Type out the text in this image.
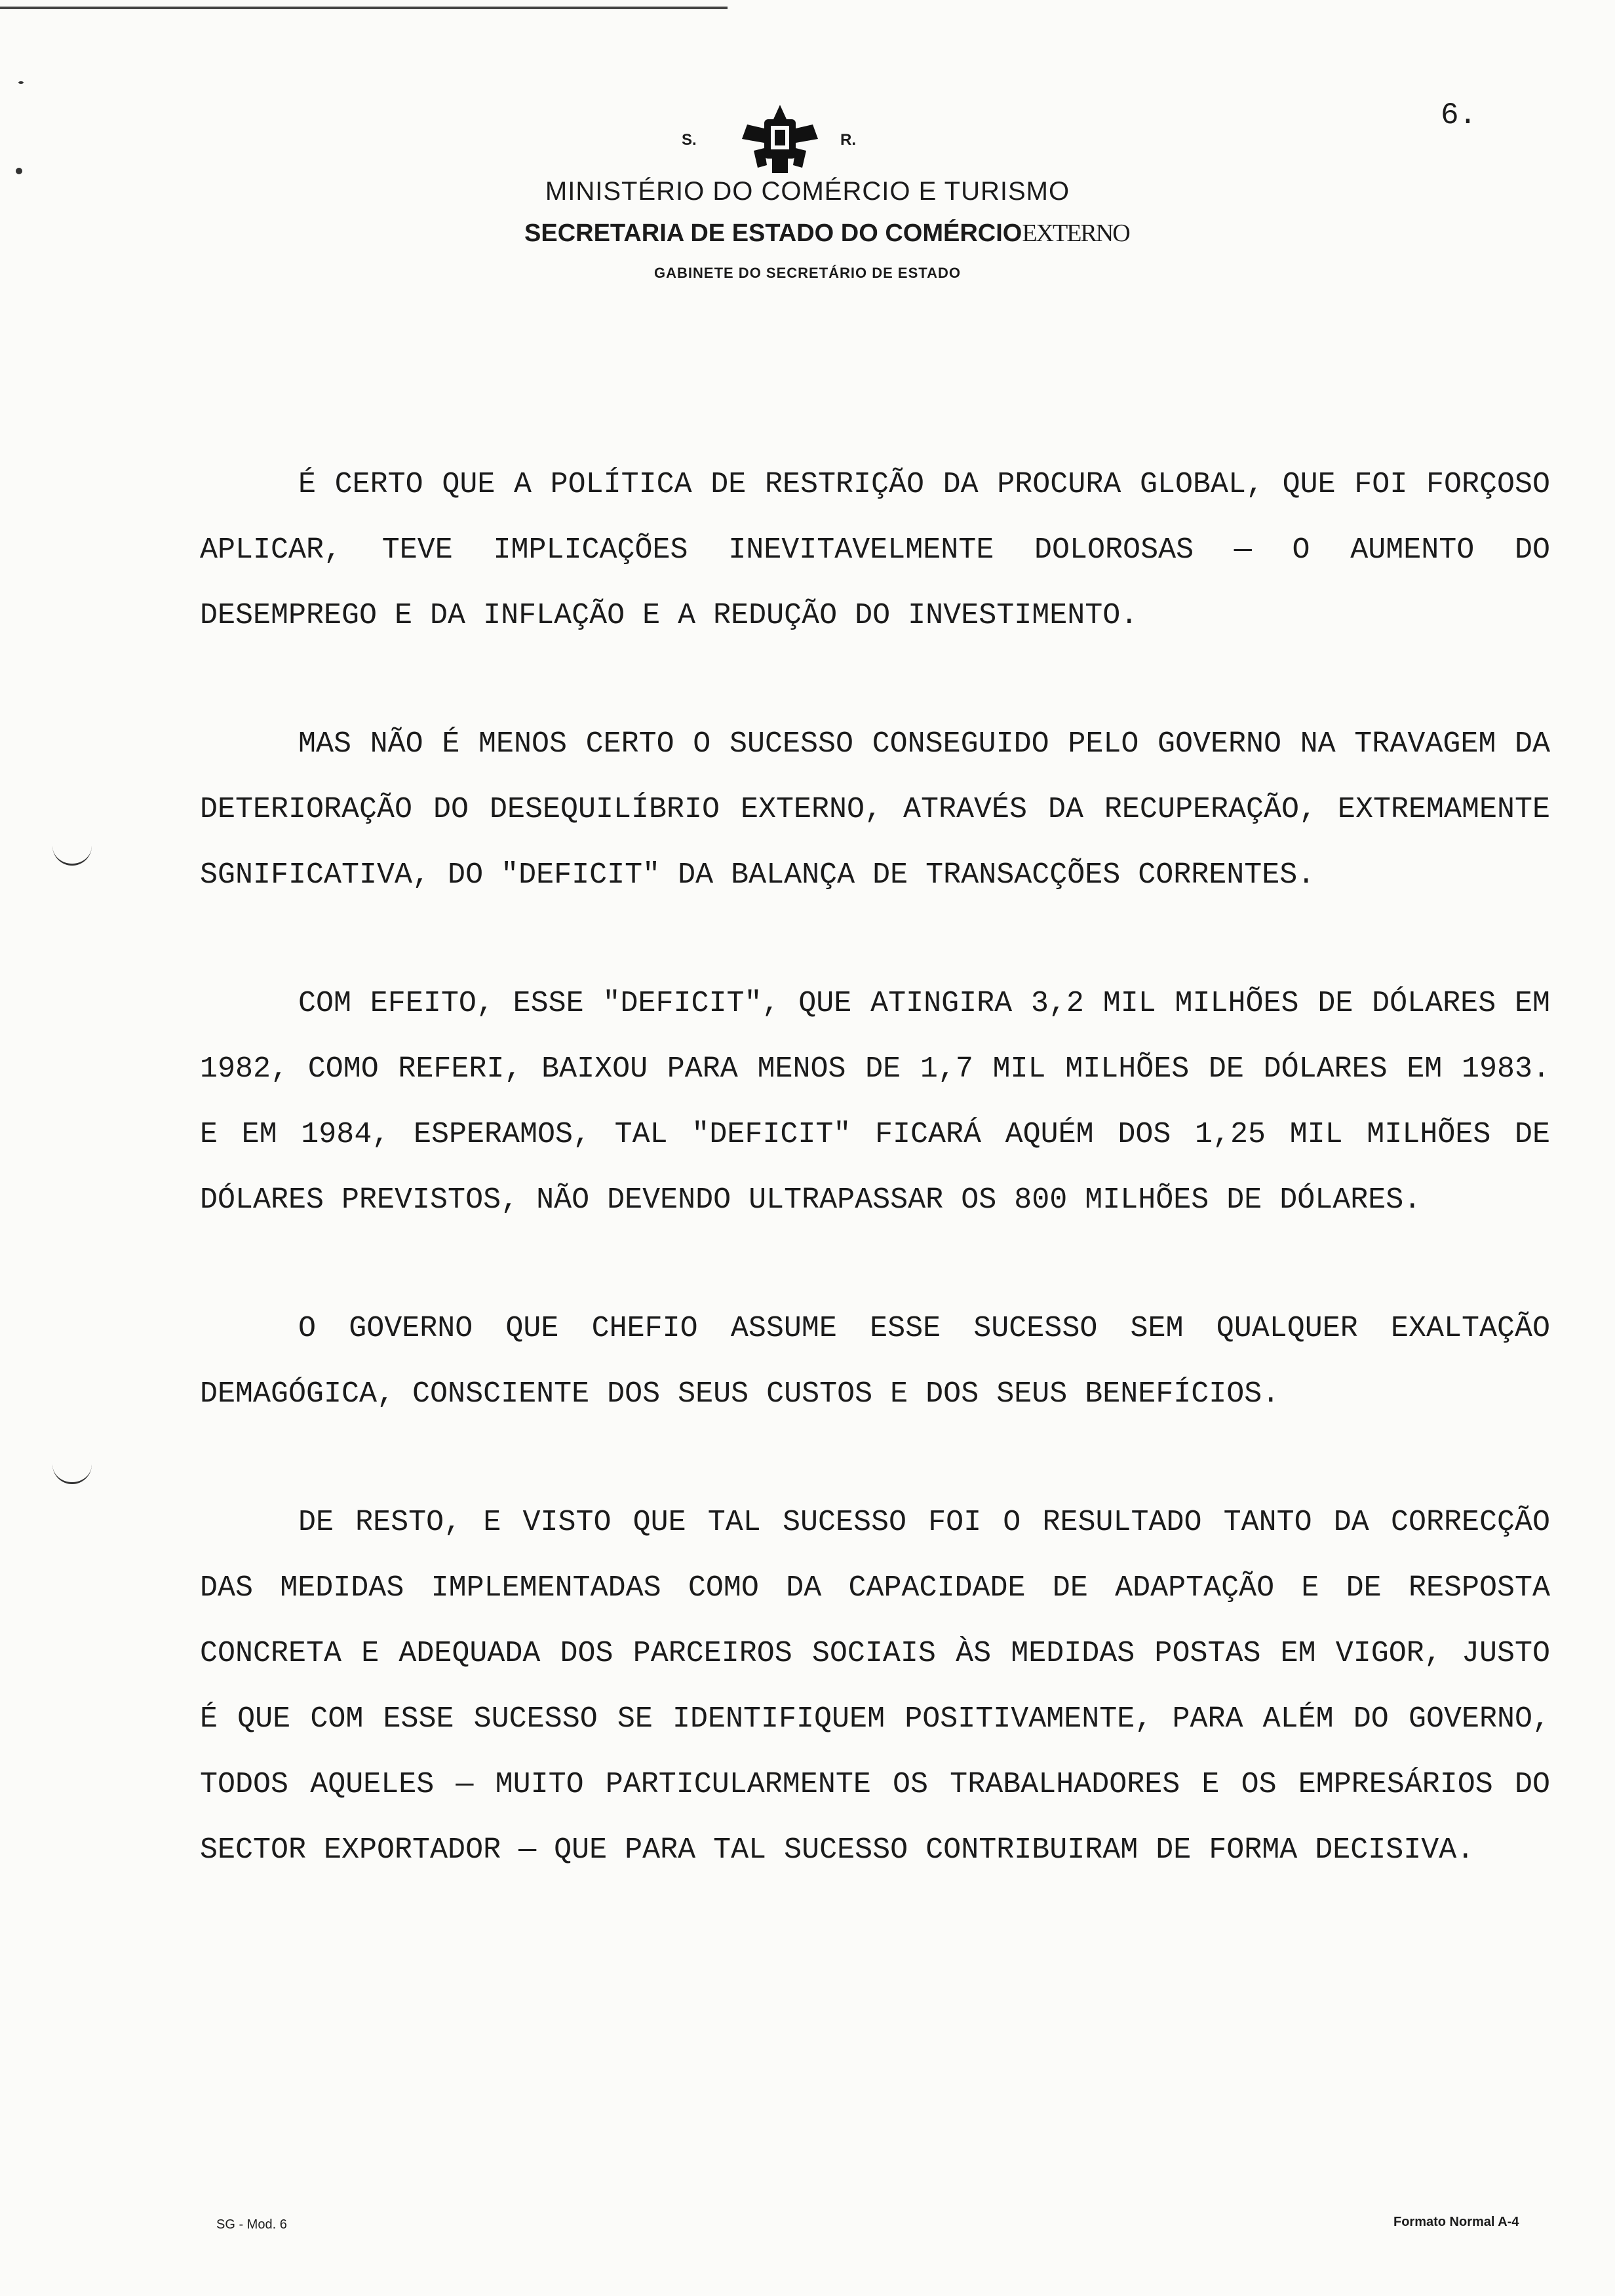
6.
S.	R.
MINISTÉRIO DO COMÉRCIO E TURISMO
SECRETARIA DE ESTADO DO COMÉRCIOEXTERNO
GABINETE DO SECRETÁRIO DE ESTADO

É CERTO QUE A POLÍTICA DE RESTRIÇÃO DA PROCURA GLOBAL, QUE FOI FORÇOSO APLICAR, TEVE IMPLICAÇÕES INEVITAVELMENTE DOLOROSAS — O AUMENTO DO DESEMPREGO E DA INFLAÇÃO E A REDUÇÃO DO INVESTIMENTO.

MAS NÃO É MENOS CERTO O SUCESSO CONSEGUIDO PELO GOVERNO NA TRAVAGEM DA DETERIORAÇÃO DO DESEQUILÍBRIO EXTERNO, ATRAVÉS DA RECUPERAÇÃO, EXTREMAMENTE SGNIFICATIVA, DO "DEFICIT" DA BALANÇA DE TRANSACÇÕES CORRENTES.

COM EFEITO, ESSE "DEFICIT", QUE ATINGIRA 3,2 MIL MILHÕES DE DÓLARES EM 1982, COMO REFERI, BAIXOU PARA MENOS DE 1,7 MIL MILHÕES DE DÓLARES EM 1983. E EM 1984, ESPERAMOS, TAL "DEFICIT" FICARÁ AQUÉM DOS 1,25 MIL MILHÕES DE DÓLARES PREVISTOS, NÃO DEVENDO ULTRAPASSAR OS 800 MILHÕES DE DÓLARES.

O GOVERNO QUE CHEFIO ASSUME ESSE SUCESSO SEM QUALQUER EXALTAÇÃO DEMAGÓGICA, CONSCIENTE DOS SEUS CUSTOS E DOS SEUS BENEFÍCIOS.

DE RESTO, E VISTO QUE TAL SUCESSO FOI O RESULTADO TANTO DA CORRECÇÃO DAS MEDIDAS IMPLEMENTADAS COMO DA CAPACIDADE DE ADAPTAÇÃO E DE RESPOSTA CONCRETA E ADEQUADA DOS PARCEIROS SOCIAIS ÀS MEDIDAS POSTAS EM VIGOR, JUSTO É QUE COM ESSE SUCESSO SE IDENTIFIQUEM POSITIVAMENTE, PARA ALÉM DO GOVERNO, TODOS AQUELES — MUITO PARTICULARMENTE OS TRABALHADORES E OS EMPRESÁRIOS DO SECTOR EXPORTADOR — QUE PARA TAL SUCESSO CONTRIBUIRAM DE FORMA DECISIVA.

SG - Mod. 6	Formato Normal A-4
